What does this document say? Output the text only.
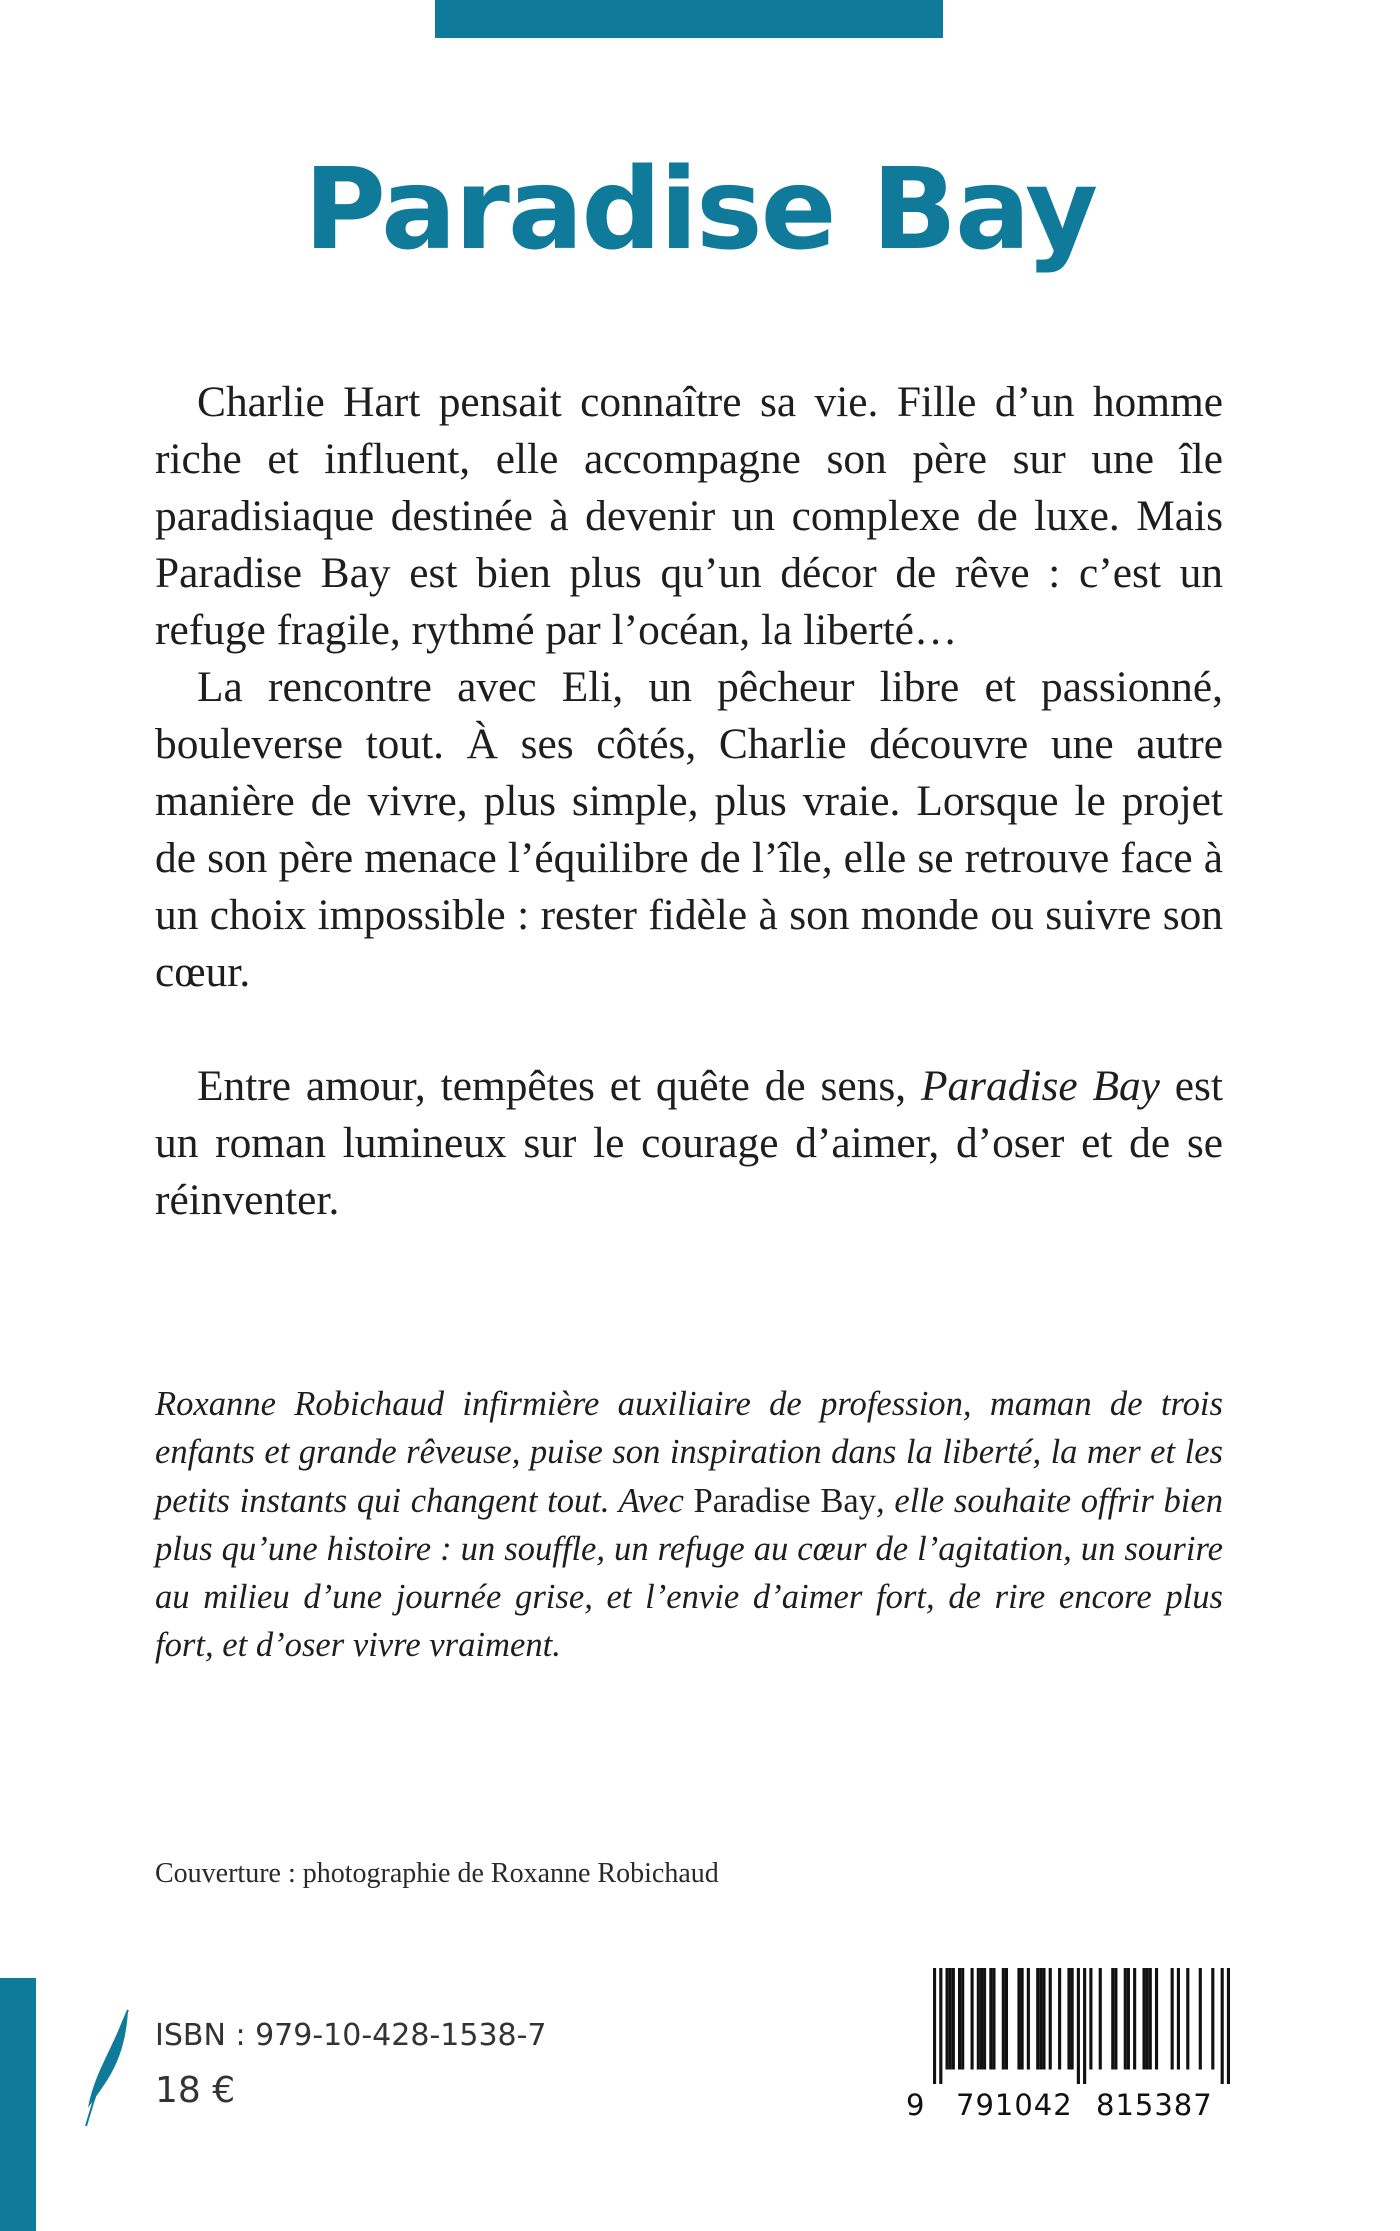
Paradise Bay

Charlie Hart pensait connaître sa vie. Fille d’un homme riche et influent, elle accompagne son père sur une île paradisiaque destinée à devenir un complexe de luxe. Mais Paradise Bay est bien plus qu’un décor de rêve : c’est un refuge fragile, rythmé par l’océan, la liberté…

La rencontre avec Eli, un pêcheur libre et passionné, bouleverse tout. À ses côtés, Charlie découvre une autre manière de vivre, plus simple, plus vraie. Lorsque le projet de son père menace l’équilibre de l’île, elle se retrouve face à un choix impossible : rester fidèle à son monde ou suivre son cœur.

Entre amour, tempêtes et quête de sens, Paradise Bay est un roman lumineux sur le courage d’aimer, d’oser et de se réinventer.

Roxanne Robichaud infirmière auxiliaire de profession, maman de trois enfants et grande rêveuse, puise son inspiration dans la liberté, la mer et les petits instants qui changent tout. Avec Paradise Bay, elle souhaite offrir bien plus qu’une histoire : un souffle, un refuge au cœur de l’agitation, un sourire au milieu d’une journée grise, et l’envie d’aimer fort, de rire encore plus fort, et d’oser vivre vraiment.

Couverture : photographie de Roxanne Robichaud
ISBN : 979-10-428-1538-7
18 €	9 791042 815387
